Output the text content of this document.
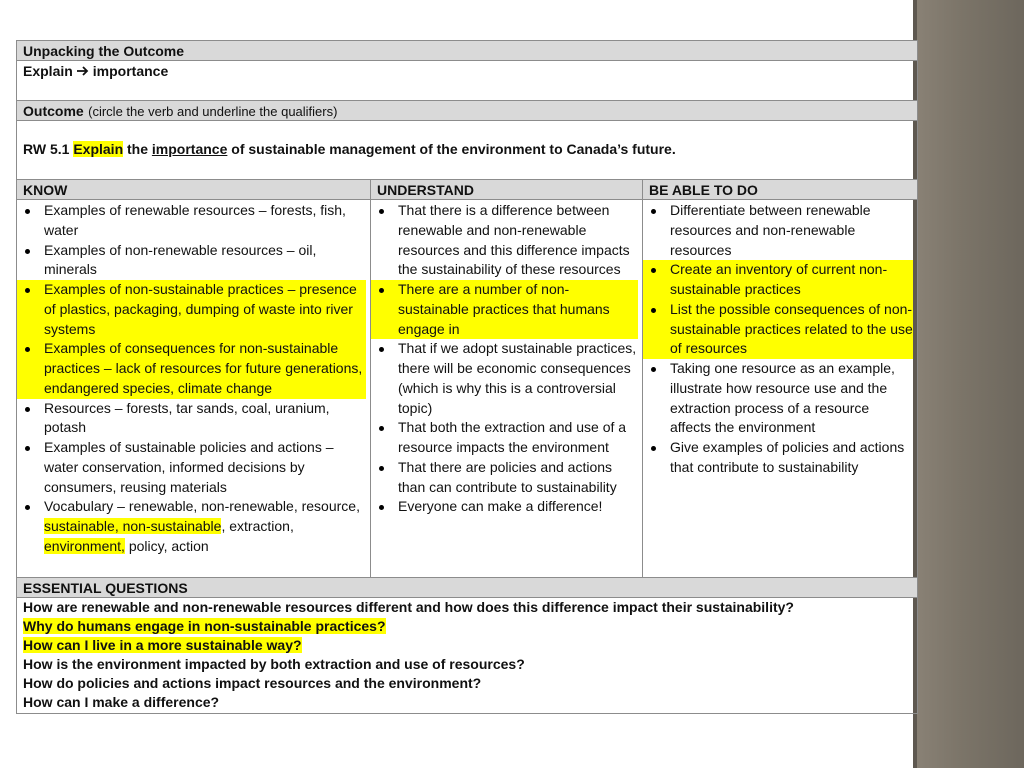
Unpacking the Outcome
Explain importance
Outcome (circle the verb and underline the qualifiers)
RW 5.1 Explain the importance of sustainable management of the environment to Canada’s future.
KNOW	UNDERSTAND	BE ABLE TO DO
Examples of renewable resources – forests, fish, water
Examples of non-renewable resources – oil, minerals
Examples of non-sustainable practices – presence of plastics, packaging, dumping of waste into river systems
Examples of consequences for non-sustainable practices – lack of resources for future generations, endangered species, climate change
Resources – forests, tar sands, coal, uranium, potash
Examples of sustainable policies and actions – water conservation, informed decisions by consumers, reusing materials
Vocabulary – renewable, non-renewable, resource, sustainable, non-sustainable, extraction, environment, policy, action
That there is a difference between renewable and non-renewable resources and this difference impacts the sustainability of these resources
There are a number of non-sustainable practices that humans engage in
That if we adopt sustainable practices, there will be economic consequences (which is why this is a controversial topic)
That both the extraction and use of a resource impacts the environment
That there are policies and actions than can contribute to sustainability
Everyone can make a difference!
Differentiate between renewable resources and non-renewable resources
Create an inventory of current non-sustainable practices
List the possible consequences of non-sustainable practices related to the use of resources
Taking one resource as an example, illustrate how resource use and the extraction process of a resource affects the environment
Give examples of policies and actions that contribute to sustainability
ESSENTIAL QUESTIONS
How are renewable and non-renewable resources different and how does this difference impact their sustainability?
Why do humans engage in non-sustainable practices?
How can I live in a more sustainable way?
How is the environment impacted by both extraction and use of resources?
How do policies and actions impact resources and the environment?
How can I make a difference?
